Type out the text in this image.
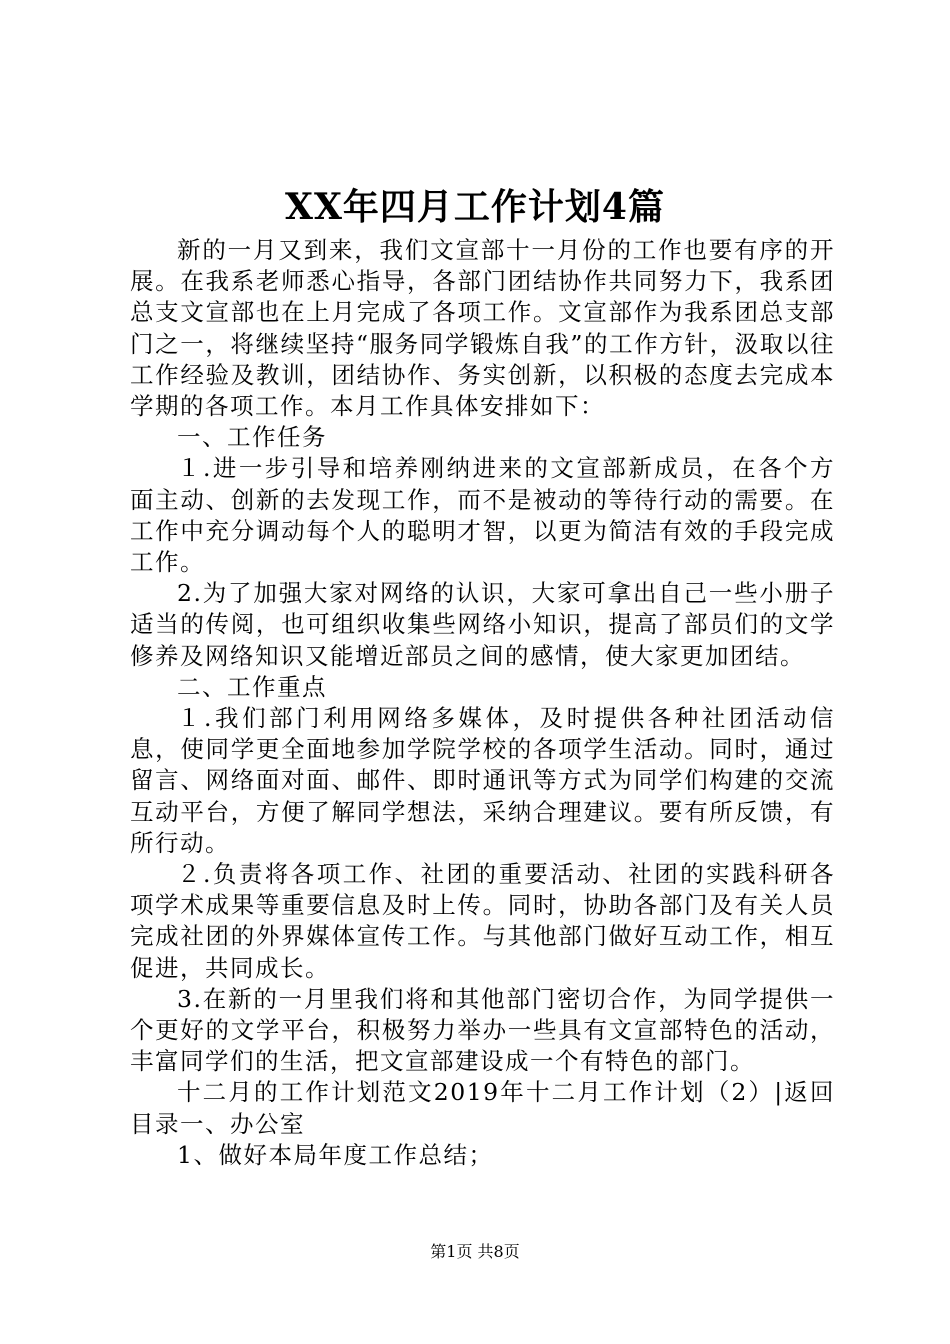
XX年四月工作计划4篇

新的一月又到来，我们文宣部十一月份的工作也要有序的开展。在我系老师悉心指导，各部门团结协作共同努力下，我系团总支文宣部也在上月完成了各项工作。文宣部作为我系团总支部门之一，将继续坚持“服务同学锻炼自我”的工作方针，汲取以往工作经验及教训，团结协作、务实创新，以积极的态度去完成本学期的各项工作。本月工作具体安排如下：

一、工作任务

１.进一步引导和培养刚纳进来的文宣部新成员，在各个方面主动、创新的去发现工作，而不是被动的等待行动的需要。在工作中充分调动每个人的聪明才智，以更为简洁有效的手段完成工作。

2.为了加强大家对网络的认识，大家可拿出自己一些小册子适当的传阅，也可组织收集些网络小知识，提高了部员们的文学修养及网络知识又能增近部员之间的感情，使大家更加团结。

二、工作重点

１.我们部门利用网络多媒体，及时提供各种社团活动信息，使同学更全面地参加学院学校的各项学生活动。同时，通过留言、网络面对面、邮件、即时通讯等方式为同学们构建的交流互动平台，方便了解同学想法，采纳合理建议。要有所反馈，有所行动。

２.负责将各项工作、社团的重要活动、社团的实践科研各项学术成果等重要信息及时上传。同时，协助各部门及有关人员完成社团的外界媒体宣传工作。与其他部门做好互动工作，相互促进，共同成长。

3.在新的一月里我们将和其他部门密切合作，为同学提供一个更好的文学平台，积极努力举办一些具有文宣部特色的活动，丰富同学们的生活，把文宣部建设成一个有特色的部门。

十二月的工作计划范文2019年十二月工作计划（2）|返回目录一、办公室

1、做好本局年度工作总结；

第1页 共8页
